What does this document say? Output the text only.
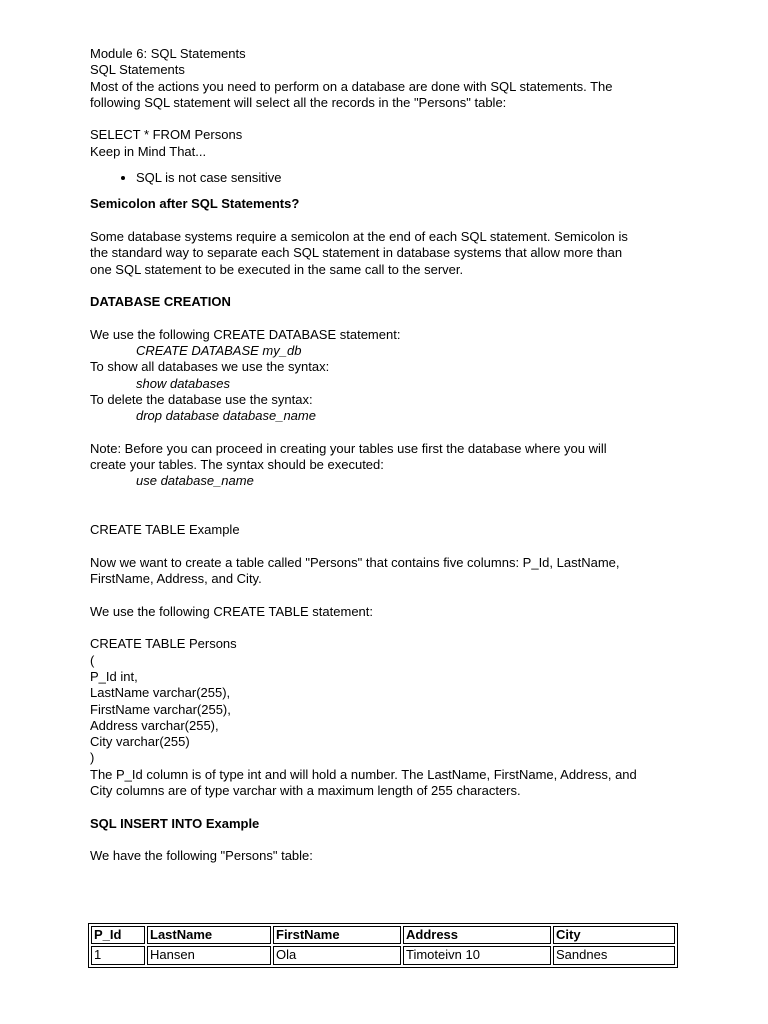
Module 6: SQL Statements

SQL Statements

Most of the actions you need to perform on a database are done with SQL statements. The

following SQL statement will select all the records in the "Persons" table:

SELECT * FROM Persons

Keep in Mind That...

• SQL is not case sensitive

Semicolon after SQL Statements?

Some database systems require a semicolon at the end of each SQL statement. Semicolon is

the standard way to separate each SQL statement in database systems that allow more than

one SQL statement to be executed in the same call to the server.

DATABASE CREATION

We use the following CREATE DATABASE statement:

CREATE DATABASE my_db

To show all databases we use the syntax:

show databases

To delete the database use the syntax:

drop database database_name

Note: Before you can proceed in creating your tables use first the database where you will

create your tables. The syntax should be executed:

use database_name

CREATE TABLE Example

Now we want to create a table called "Persons" that contains five columns: P_Id, LastName,

FirstName, Address, and City.

We use the following CREATE TABLE statement:

CREATE TABLE Persons

(

P_Id int,

LastName varchar(255),

FirstName varchar(255),

Address varchar(255),

City varchar(255)

)

The P_Id column is of type int and will hold a number. The LastName, FirstName, Address, and

City columns are of type varchar with a maximum length of 255 characters.

SQL INSERT INTO Example

We have the following "Persons" table:

P_Id	LastName	FirstName	Address	City
1	Hansen	Ola	Timoteivn 10	Sandnes
